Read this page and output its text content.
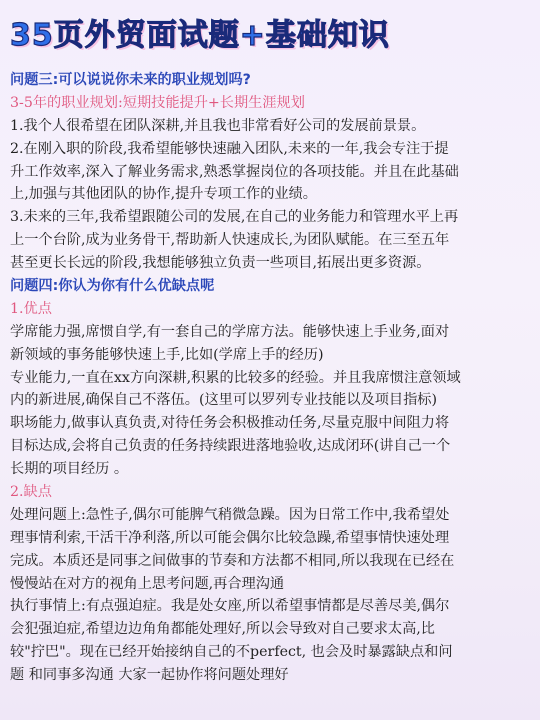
35页外贸面试题+基础知识
问题三:可以说说你未来的职业规划吗?
3-5年的职业规划:短期技能提升+长期生涯规划
1.我个人很希望在团队深耕,并且我也非常看好公司的发展前景景。
2.在刚入职的阶段,我希望能够快速融入团队,未来的一年,我会专注于提
升工作效率,深入了解业务需求,熟悉掌握岗位的各项技能。并且在此基础
上,加强与其他团队的协作,提升专项工作的业绩。
3.未来的三年,我希望跟随公司的发展,在自己的业务能力和管理水平上再
上一个台阶,成为业务骨干,帮助新人快速成长,为团队赋能。在三至五年
甚至更长长远的阶段,我想能够独立负责一些项目,拓展出更多资源。
问题四:你认为你有什么优缺点呢
1.优点
学席能力强,席惯自学,有一套自己的学席方法。能够快速上手业务,面对
新领域的事务能够快速上手,比如(学席上手的经历)
专业能力,一直在xx方向深耕,积累的比较多的经验。并且我席惯注意领域
内的新进展,确保自己不落伍。(这里可以罗列专业技能以及项目指标)
职场能力,做事认真负责,对待任务会积极推动任务,尽量克服中间阻力将
目标达成,会将自己负责的任务持续跟进落地验收,达成闭环(讲自己一个
长期的项目经历 。
2.缺点
处理问题上:急性子,偶尔可能脾气稍微急躁。因为日常工作中,我希望处
理事情利索,干活干净利落,所以可能会偶尔比较急躁,希望事情快速处理
完成。本质还是同事之间做事的节奏和方法都不相同,所以我现在已经在
慢慢站在对方的视角上思考问题,再合理沟通
执行事情上:有点强迫症。我是处女座,所以希望事情都是尽善尽美,偶尔
会犯强迫症,希望边边角角都能处理好,所以会导致对自己要求太高,比
较"拧巴"。现在已经开始接纳自己的不perfect, 也会及时暴露缺点和问
题 和同事多沟通 大家一起协作将问题处理好
